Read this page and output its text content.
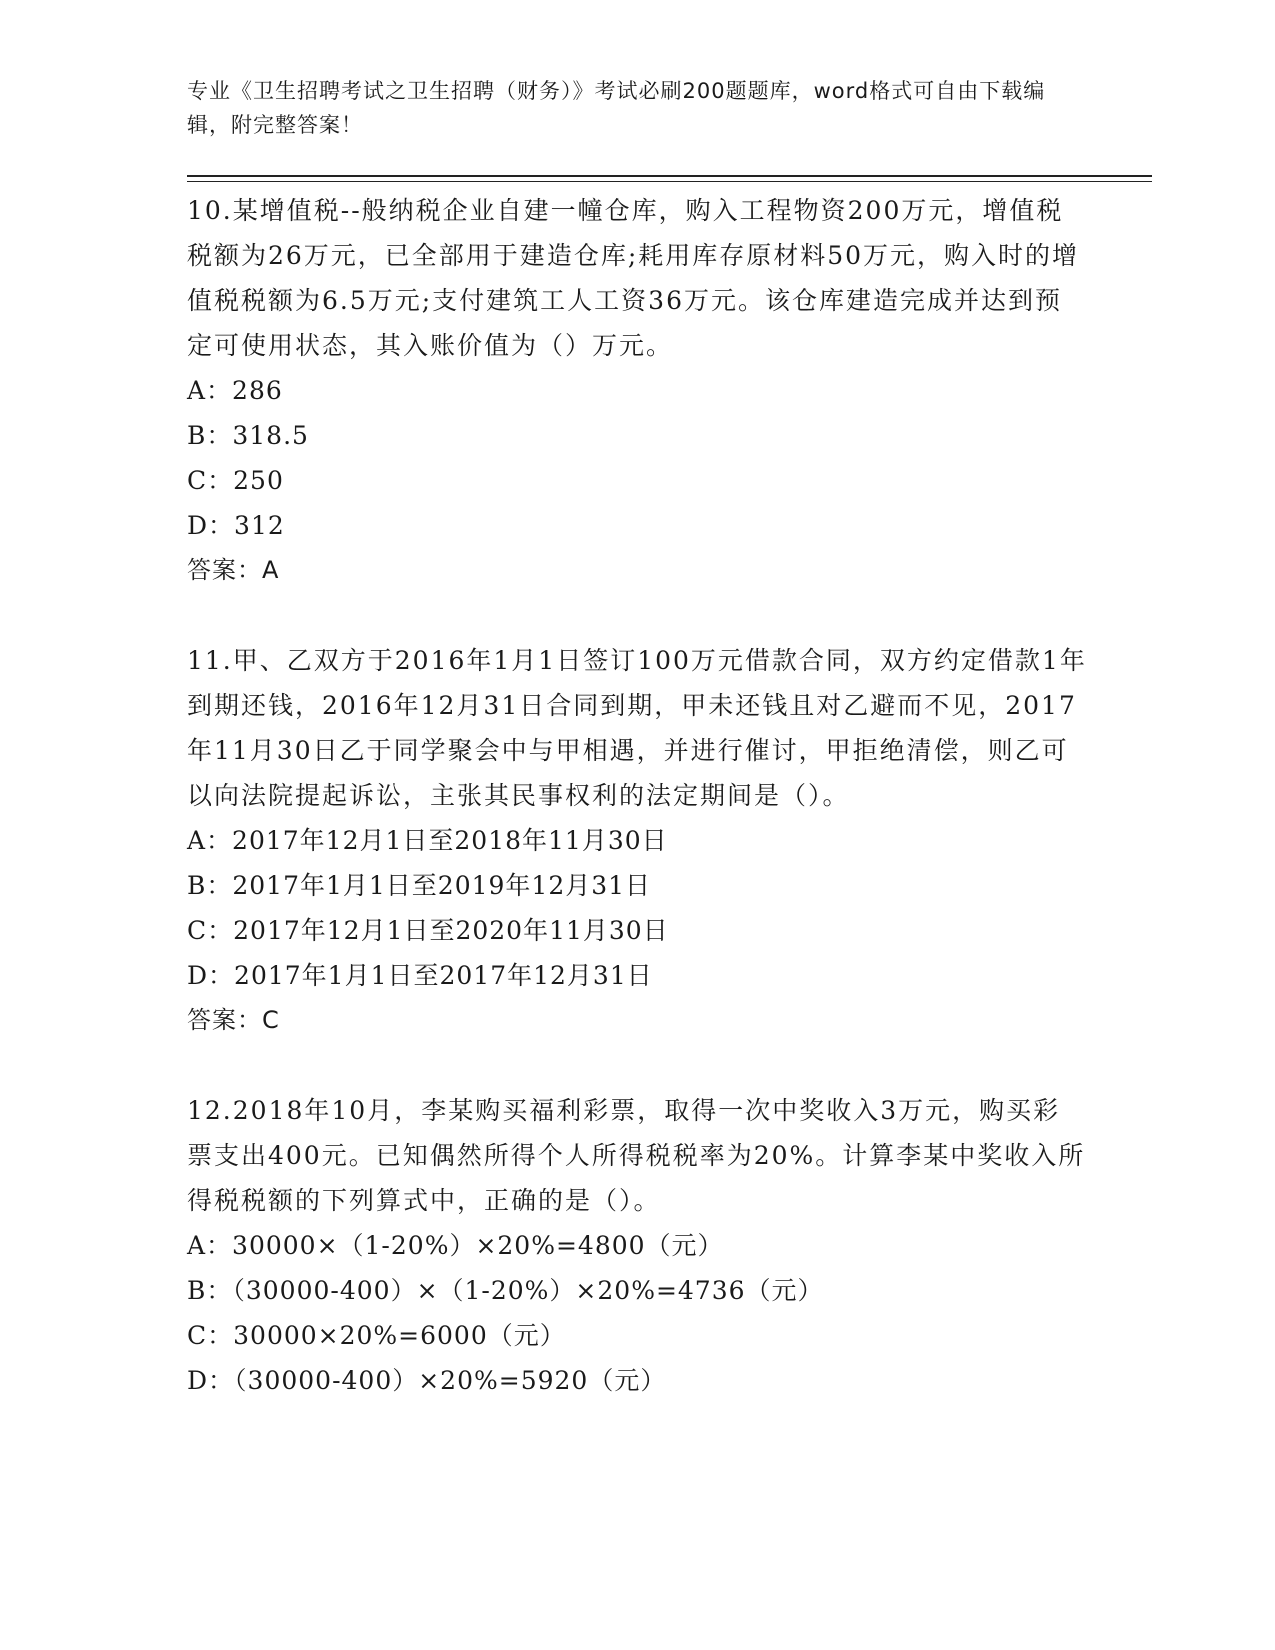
专业《卫生招聘考试之卫生招聘（财务）》考试必刷200题题库，word格式可自由下载编辑，附完整答案！
10.某增值税--般纳税企业自建一幢仓库，购入工程物资200万元，增值税税额为26万元，已全部用于建造仓库;耗用库存原材料50万元，购入时的增值税税额为6.5万元;支付建筑工人工资36万元。该仓库建造完成并达到预定可使用状态，其入账价值为（）万元。
A：286
B：318.5
C：250
D：312
答案：A
11.甲、乙双方于2016年1月1日签订100万元借款合同，双方约定借款1年到期还钱，2016年12月31日合同到期，甲未还钱且对乙避而不见，2017年11月30日乙于同学聚会中与甲相遇，并进行催讨，甲拒绝清偿，则乙可以向法院提起诉讼，主张其民事权利的法定期间是（）。
A：2017年12月1日至2018年11月30日
B：2017年1月1日至2019年12月31日
C：2017年12月1日至2020年11月30日
D：2017年1月1日至2017年12月31日
答案：C
12.2018年10月，李某购买福利彩票，取得一次中奖收入3万元，购买彩票支出400元。已知偶然所得个人所得税税率为20%。计算李某中奖收入所得税税额的下列算式中，正确的是（）。
A：30000×（1-20%）×20%=4800（元）
B：（30000-400）×（1-20%）×20%=4736（元）
C：30000×20%=6000（元）
D：（30000-400）×20%=5920（元）
